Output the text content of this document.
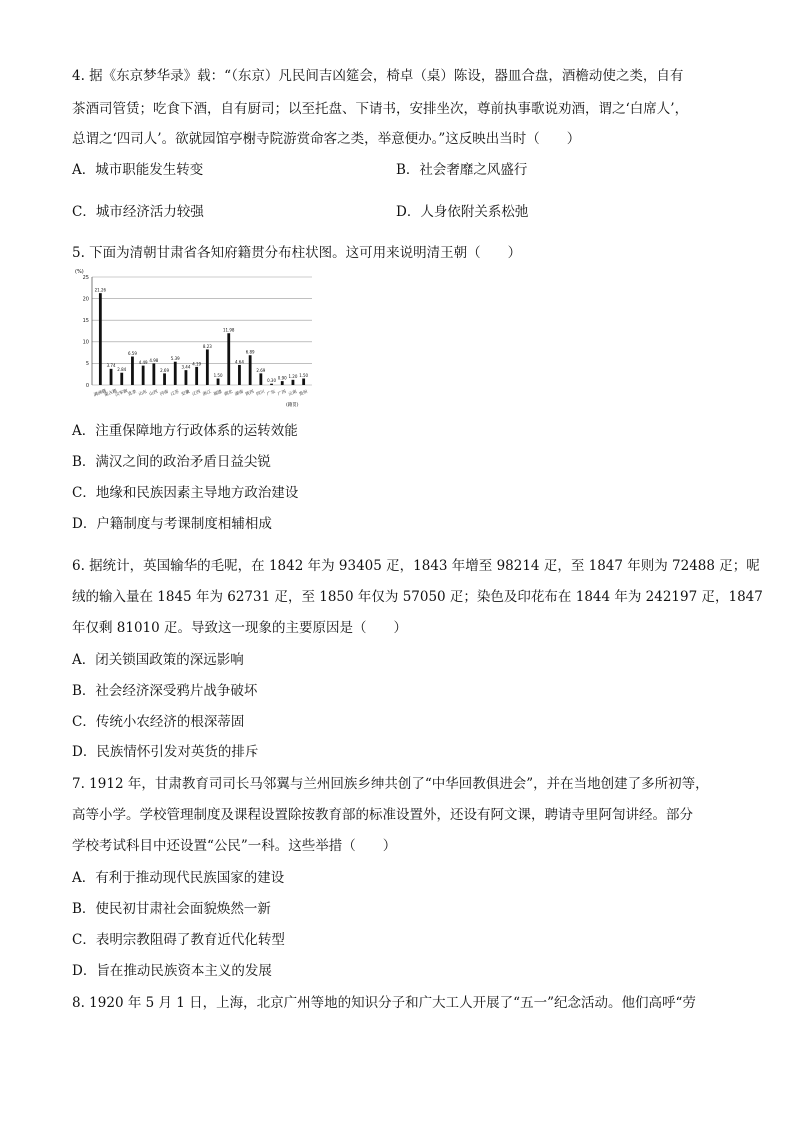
4. 据《东京梦华录》载：“（东京）凡民间吉凶筵会，椅卓（桌）陈设，器皿合盘，酒檐动使之类，自有
茶酒司管赁；吃食下酒，自有厨司；以至托盘、下请书，安排坐次，尊前执事歌说劝酒，谓之‘白席人’，
总谓之‘四司人’。欲就园馆亭榭寺院游赏命客之类，举意便办。”这反映出当时（　　）
A．城市职能发生转变	B．社会奢靡之风盛行
C．城市经济活力较强	D．人身依附关系松弛
5. 下面为清朝甘肃省各知府籍贯分布柱状图。这可用来说明清王朝（　　）
0
5
10
15
20
25
21.26
满洲籍
3.74
蒙古籍
2.84
汉军旗
6.59
直隶
4.49
山东
4.98
山西
2.69
河南
5.39
江苏
3.44
安徽
4.19
江西
8.23
浙江
1.50
福建
11.98
湖北
4.64
湖南
6.89
陕西
2.69
四川
0.30
广东
0.90
广西
1.20
云南
1.50
贵州
(%)
(籍贯)
A．注重保障地方行政体系的运转效能
B．满汉之间的政治矛盾日益尖锐
C．地缘和民族因素主导地方政治建设
D．户籍制度与考课制度相辅相成
6. 据统计，英国输华的毛呢，在 1842 年为 93405 疋，1843 年增至 98214 疋，至 1847 年则为 72488 疋；呢
绒的输入量在 1845 年为 62731 疋，至 1850 年仅为 57050 疋；染色及印花布在 1844 年为 242197 疋，1847
年仅剩 81010 疋。导致这一现象的主要原因是（　　）
A．闭关锁国政策的深远影响
B．社会经济深受鸦片战争破坏
C．传统小农经济的根深蒂固
D．民族情怀引发对英货的排斥
7. 1912 年，甘肃教育司司长马邻翼与兰州回族乡绅共创了“中华回教俱进会”，并在当地创建了多所初等，
高等小学。学校管理制度及课程设置除按教育部的标准设置外，还设有阿文课，聘请寺里阿訇讲经。部分
学校考试科目中还设置“公民”一科。这些举措（　　）
A．有利于推动现代民族国家的建设
B．使民初甘肃社会面貌焕然一新
C．表明宗教阻碍了教育近代化转型
D．旨在推动民族资本主义的发展
8. 1920 年 5 月 1 日，上海，北京广州等地的知识分子和广大工人开展了“五一”纪念活动。他们高呼“劳
